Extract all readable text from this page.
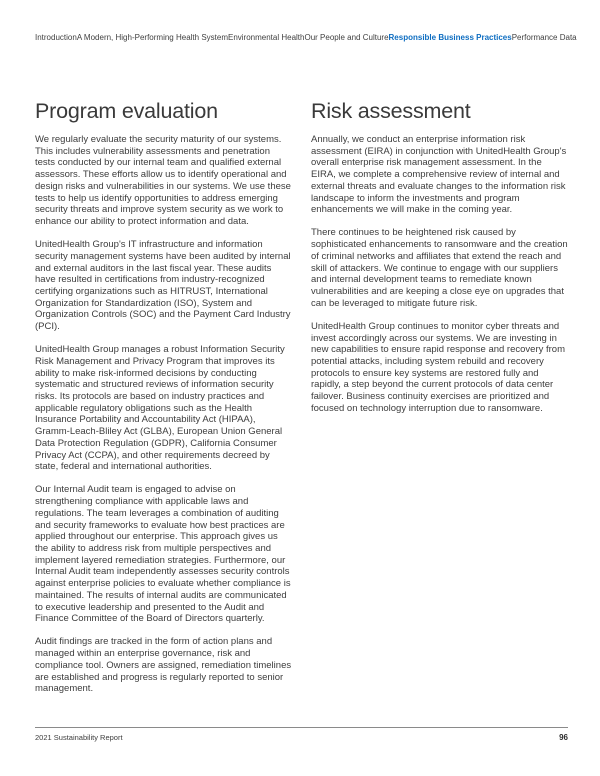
Introduction A Modern, High-Performing Health System Environmental Health Our People and Culture Responsible Business Practices Performance Data
Program evaluation

We regularly evaluate the security maturity of our systems. This includes vulnerability assessments and penetration tests conducted by our internal team and qualified external assessors. These efforts allow us to identify operational and design risks and vulnerabilities in our systems. We use these tests to help us identify opportunities to address emerging security threats and improve system security as we work to enhance our ability to protect information and data.

UnitedHealth Group's IT infrastructure and information security management systems have been audited by internal and external auditors in the last fiscal year. These audits have resulted in certifications from industry-recognized certifying organizations such as HITRUST, International Organization for Standardization (ISO), System and Organization Controls (SOC) and the Payment Card Industry (PCI).

UnitedHealth Group manages a robust Information Security Risk Management and Privacy Program that improves its ability to make risk-informed decisions by conducting systematic and structured reviews of information security risks. Its protocols are based on industry practices and applicable regulatory obligations such as the Health Insurance Portability and Accountability Act (HIPAA), Gramm-Leach-Bliley Act (GLBA), European Union General Data Protection Regulation (GDPR), California Consumer Privacy Act (CCPA), and other requirements decreed by state, federal and international authorities.

Our Internal Audit team is engaged to advise on strengthening compliance with applicable laws and regulations. The team leverages a combination of auditing and security frameworks to evaluate how best practices are applied throughout our enterprise. This approach gives us the ability to address risk from multiple perspectives and implement layered remediation strategies. Furthermore, our Internal Audit team independently assesses security controls against enterprise policies to evaluate whether compliance is maintained. The results of internal audits are communicated to executive leadership and presented to the Audit and Finance Committee of the Board of Directors quarterly.

Audit findings are tracked in the form of action plans and managed within an enterprise governance, risk and compliance tool. Owners are assigned, remediation timelines are established and progress is regularly reported to senior management.

Risk assessment

Annually, we conduct an enterprise information risk assessment (EIRA) in conjunction with UnitedHealth Group's overall enterprise risk management assessment. In the EIRA, we complete a comprehensive review of internal and external threats and evaluate changes to the information risk landscape to inform the investments and program enhancements we will make in the coming year.

There continues to be heightened risk caused by sophisticated enhancements to ransomware and the creation of criminal networks and affiliates that extend the reach and skill of attackers. We continue to engage with our suppliers and internal development teams to remediate known vulnerabilities and are keeping a close eye on upgrades that can be leveraged to mitigate future risk.

UnitedHealth Group continues to monitor cyber threats and invest accordingly across our systems. We are investing in new capabilities to ensure rapid response and recovery from potential attacks, including system rebuild and recovery protocols to ensure key systems are restored fully and rapidly, a step beyond the current protocols of data center failover. Business continuity exercises are prioritized and focused on technology interruption due to ransomware.

2021 Sustainability Report	96
